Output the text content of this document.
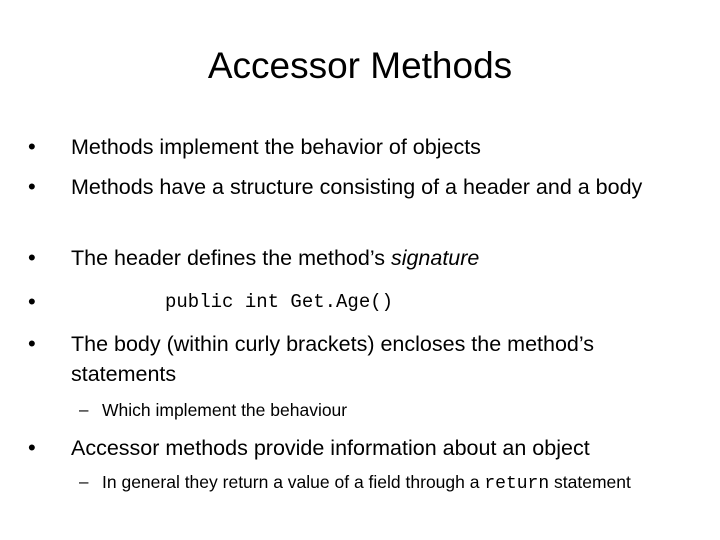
Accessor Methods
• Methods implement the behavior of objects
• Methods have a structure consisting of a header and a body
• The header defines the method’s signature
•	public int Get.Age()
• The body (within curly brackets) encloses the method’s statements
– Which implement the behaviour
• Accessor methods provide information about an object
– In general they return a value of a field through a return statement
